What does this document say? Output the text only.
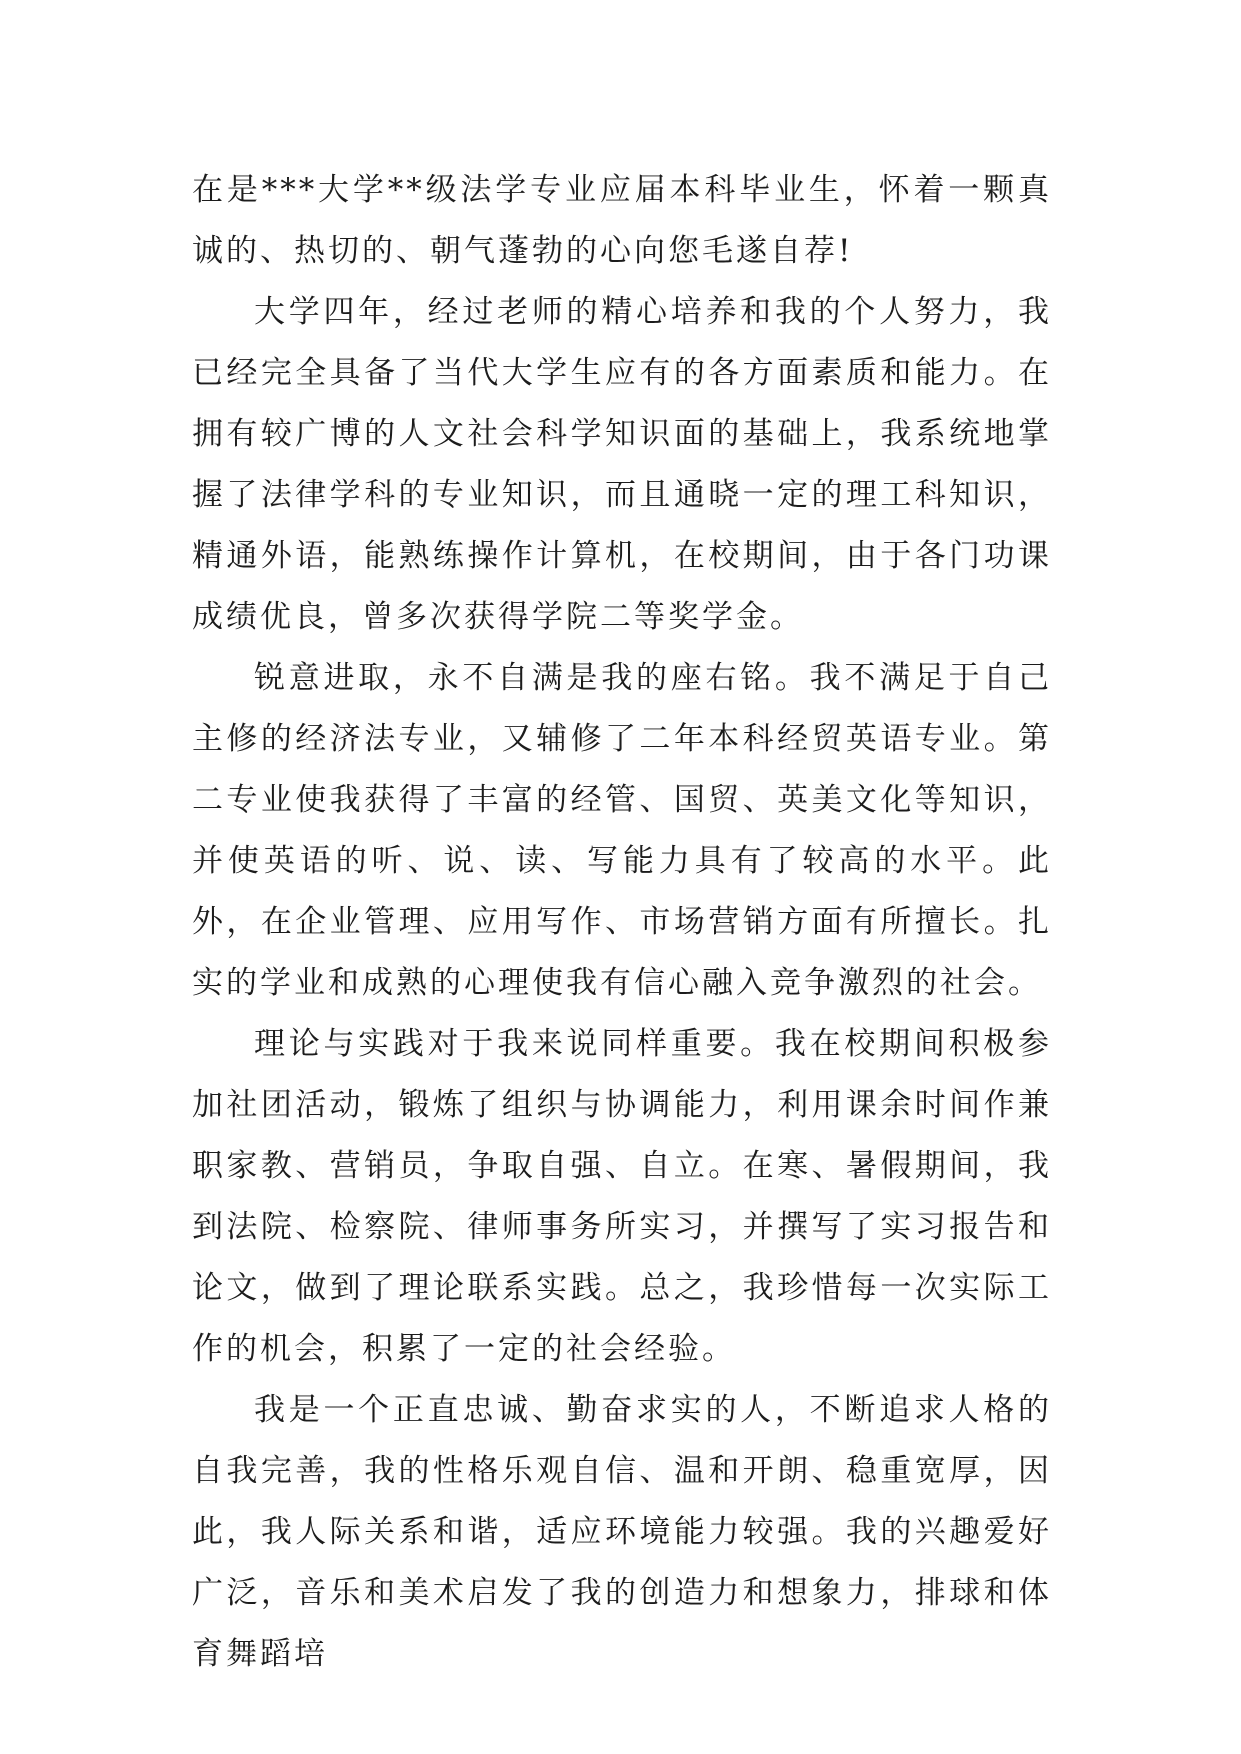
在是***大学**级法学专业应届本科毕业生，怀着一颗真诚的、热切的、朝气蓬勃的心向您毛遂自荐!

大学四年，经过老师的精心培养和我的个人努力，我已经完全具备了当代大学生应有的各方面素质和能力。在拥有较广博的人文社会科学知识面的基础上，我系统地掌握了法律学科的专业知识，而且通晓一定的理工科知识，精通外语，能熟练操作计算机，在校期间，由于各门功课成绩优良，曾多次获得学院二等奖学金。

锐意进取，永不自满是我的座右铭。我不满足于自己主修的经济法专业，又辅修了二年本科经贸英语专业。第二专业使我获得了丰富的经管、国贸、英美文化等知识，并使英语的听、说、读、写能力具有了较高的水平。此外，在企业管理、应用写作、市场营销方面有所擅长。扎实的学业和成熟的心理使我有信心融入竞争激烈的社会。

理论与实践对于我来说同样重要。我在校期间积极参加社团活动，锻炼了组织与协调能力，利用课余时间作兼职家教、营销员，争取自强、自立。在寒、暑假期间，我到法院、检察院、律师事务所实习，并撰写了实习报告和论文，做到了理论联系实践。总之，我珍惜每一次实际工作的机会，积累了一定的社会经验。

我是一个正直忠诚、勤奋求实的人，不断追求人格的自我完善，我的性格乐观自信、温和开朗、稳重宽厚，因此，我人际关系和谐，适应环境能力较强。我的兴趣爱好广泛，音乐和美术启发了我的创造力和想象力，排球和体育舞蹈培
